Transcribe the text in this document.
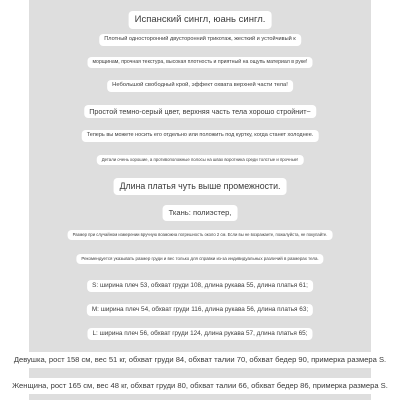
Испанский сингл, юань сингл.
Плотный односторонний двусторонний трикотаж, жесткий и устойчивый к
морщинам, прочная текстура, высокая плотность и приятный на ощупь материал в руке!
Небольшой свободный крой, эффект охвата верхней части тела!
Простой темно-серый цвет, верхняя часть тела хорошо стройнит~
Теперь вы можете носить его отдельно или положить под куртку, когда станет холоднее.
Детали очень хорошие, а противоположные полосы на швах воротника среди толстые и прочные!
Длина платья чуть выше промежности.
Ткань: полиэстер,
Размер при случайном измерении вручную возможна погрешность около 2 см. Если вы не возражаете, пожалуйста, не покупайте.
Рекомендуется указывать размер груди и вес только для справки из-за индивидуальных различий в размерах тела.
S: ширина плеч 53, обхват груди 108, длина рукава 55, длина платья 61;
M: ширина плеч 54, обхват груди 116, длина рукава 56, длина платья 63;
L: ширина плеч 56, обхват груди 124, длина рукава 57, длина платья 65;
Девушка, рост 158 см, вес 51 кг, обхват груди 84, обхват талии 70, обхват бедер 90, примерка размера S.
Женщина, рост 165 см, вес 48 кг, обхват груди 80, обхват талии 66, обхват бедер 86, примерка размера S.
